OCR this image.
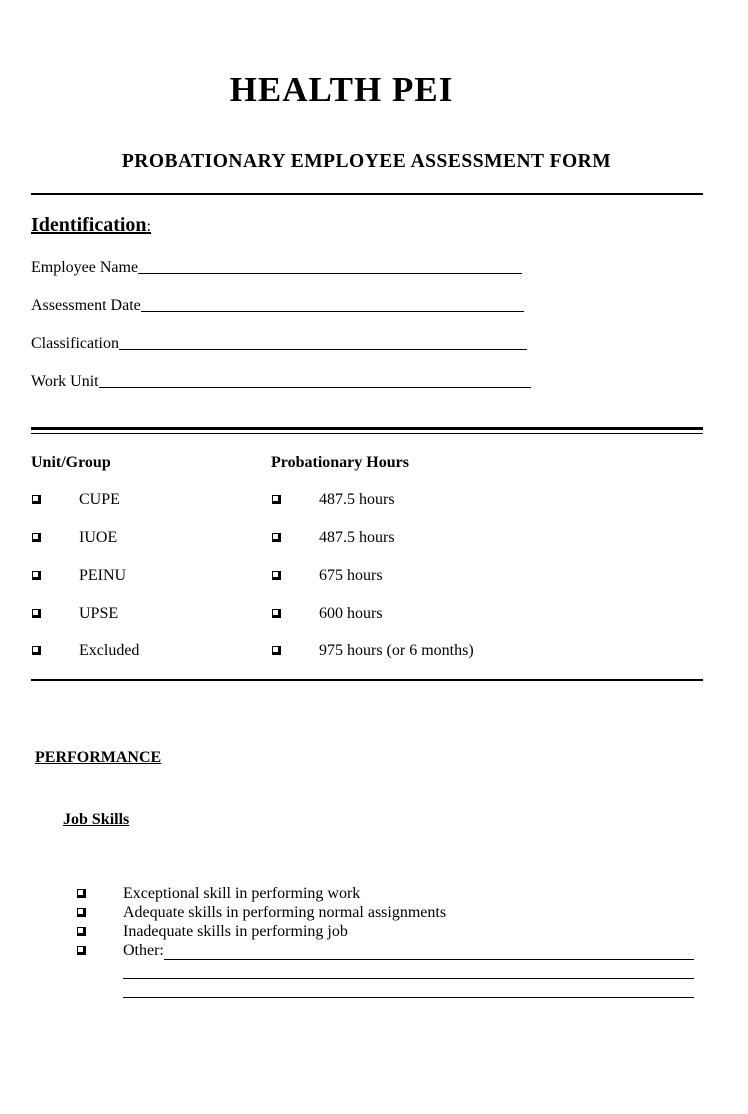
HEALTH PEI
PROBATIONARY EMPLOYEE ASSESSMENT FORM
Identification:
Employee Name
Assessment Date
Classification
Work Unit
Unit/Group	Probationary Hours
CUPE	487.5 hours
IUOE	487.5 hours
PEINU	675 hours
UPSE	600 hours
Excluded	975 hours (or 6 months)
PERFORMANCE
Job Skills
Exceptional skill in performing work
Adequate skills in performing normal assignments
Inadequate skills in performing job
Other:
